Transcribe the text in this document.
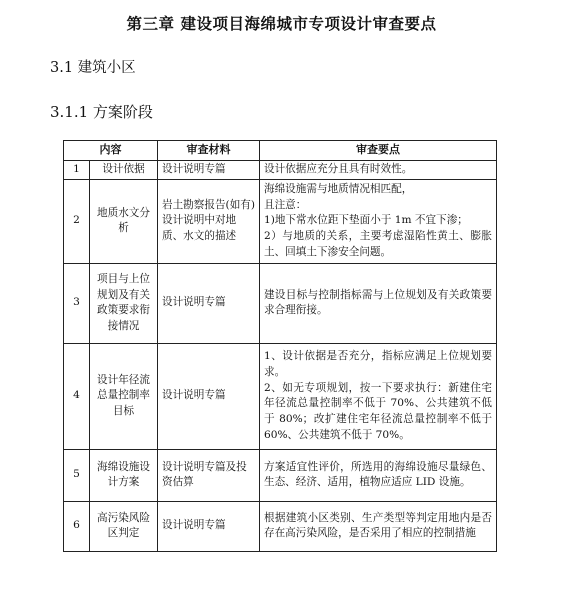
第三章 建设项目海绵城市专项设计审查要点
3.1 建筑小区
3.1.1 方案阶段
内容		审查材料	审查要点
1	设计依据	设计说明专篇	设计依据应充分且具有时效性。

2	地质水文分析	岩土勘察报告(如有)设计说明中对地质、水文的描述	海绵设施需与地质情况相匹配，
且注意：
1)地下常水位距下垫面小于 1m 不宜下渗；
2）与地质的关系，主要考虑湿陷性黄土、膨胀土、回填土下渗安全问题。

3	项目与上位规划及有关政策要求衔接情况	设计说明专篇	建设目标与控制指标需与上位规划及有关政策要求合理衔接。

4	设计年径流总量控制率目标	设计说明专篇	1、设计依据是否充分，指标应满足上位规划要求。
2、如无专项规划，按一下要求执行：新建住宅年径流总量控制率不低于 70%、公共建筑不低于 80%；改扩建住宅年径流总量控制率不低于 60%、公共建筑不低于 70%。

5	海绵设施设计方案	设计说明专篇及投资估算	方案适宜性评价，所选用的海绵设施尽量绿色、生态、经济、适用，植物应适应 LID 设施。

6	高污染风险区判定	设计说明专篇	根据建筑小区类别、生产类型等判定用地内是否存在高污染风险，是否采用了相应的控制措施
